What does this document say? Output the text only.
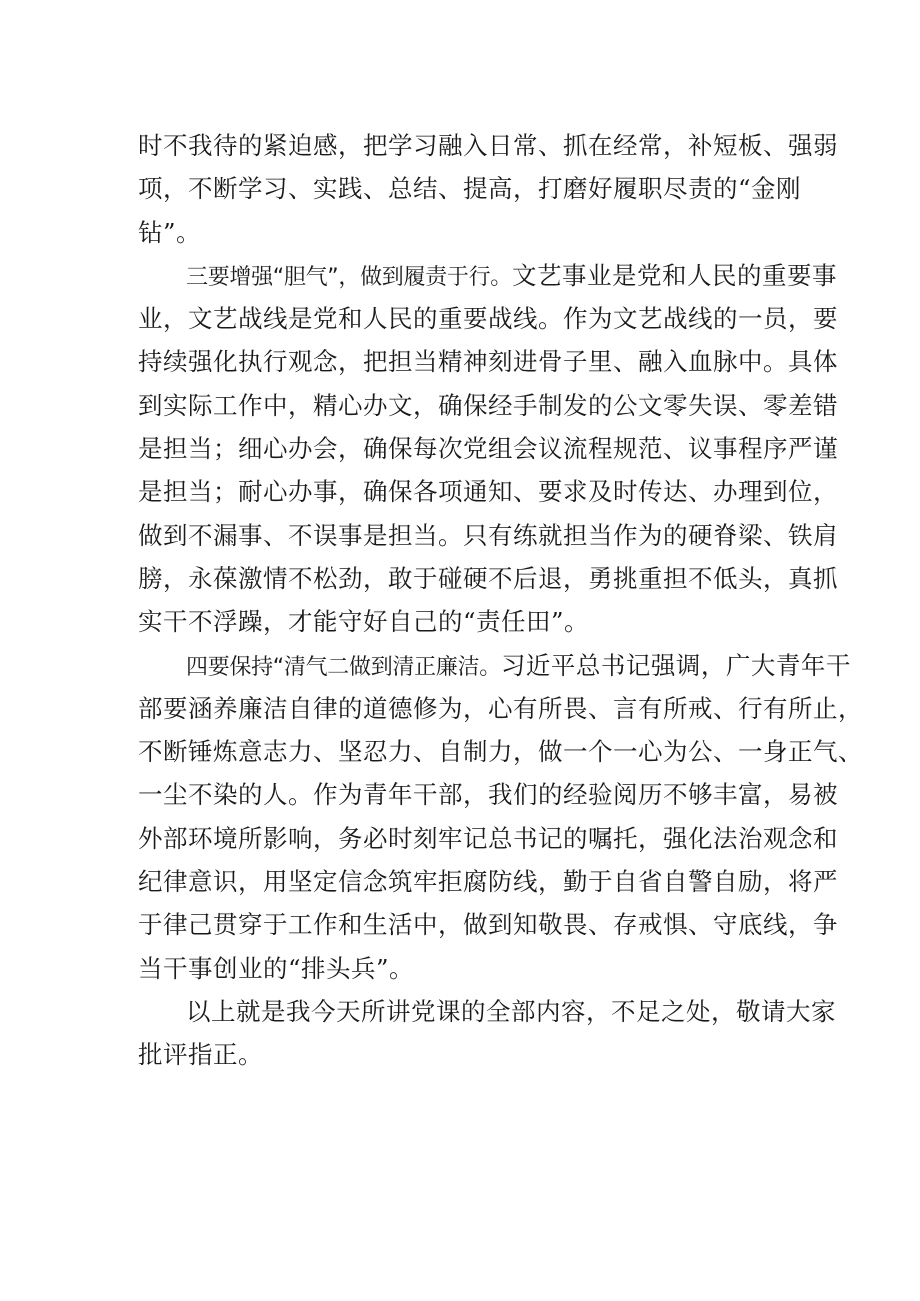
时 不 我 待 的 紧 迫 感 ， 把 学 习 融 入 日 常 、 抓 在 经 常 ， 补 短 板 、 强 弱
项 ， 不 断 学 习 、 实 践 、 总 结 、 提 高 ， 打 磨 好 履 职 尽 责 的 “ 金 刚
钻”。
三要增强“胆气”，做到履责于行。文艺事业是党和人民的重要事
业 ， 文 艺 战 线 是 党 和 人 民 的 重 要 战 线 。 作 为 文 艺 战 线 的 一 员 ， 要
持 续 强 化 执 行 观 念 ， 把 担 当 精 神 刻 进 骨 子 里 、 融 入 血 脉 中 。 具 体
到 实 际 工 作 中 ， 精 心 办 文 ， 确 保 经 手 制 发 的 公 文 零 失 误 、 零 差 错
是 担 当 ； 细 心 办 会 ， 确 保 每 次 党 组 会 议 流 程 规 范 、 议 事 程 序 严 谨
是 担 当 ； 耐 心 办 事 ， 确 保 各 项 通 知 、 要 求 及 时 传 达 、 办 理 到 位 ，
做 到 不 漏 事 、 不 误 事 是 担 当 。 只 有 练 就 担 当 作 为 的 硬 脊 梁 、 铁 肩
膀 ， 永 葆 激 情 不 松 劲 ， 敢 于 碰 硬 不 后 退 ， 勇 挑 重 担 不 低 头 ， 真 抓
实干不浮躁，才能守好自己的“责任田”。
四要保持“清气二做到清正廉洁。习近平总书记强调，广大青年干
部 要 涵 养 廉 洁 自 律 的 道 德 修 为 ， 心 有 所 畏 、 言 有 所 戒 、 行 有 所 止 ，
不 断 锤 炼 意 志 力 、 坚 忍 力 、 自 制 力 ， 做 一 个 一 心 为 公 、 一 身 正 气 、
一 尘 不 染 的 人 。 作 为 青 年 干 部 ， 我 们 的 经 验 阅 历 不 够 丰 富 ， 易 被
外 部 环 境 所 影 响 ， 务 必 时 刻 牢 记 总 书 记 的 嘱 托 ， 强 化 法 治 观 念 和
纪 律 意 识 ， 用 坚 定 信 念 筑 牢 拒 腐 防 线 ， 勤 于 自 省 自 警 自 励 ， 将 严
于 律 己 贯 穿 于 工 作 和 生 活 中 ， 做 到 知 敬 畏 、 存 戒 惧 、 守 底 线 ， 争
当干事创业的“排头兵”。
以上就是我今天所讲党课的全部内容，不足之处，敬请大家
批评指正。
